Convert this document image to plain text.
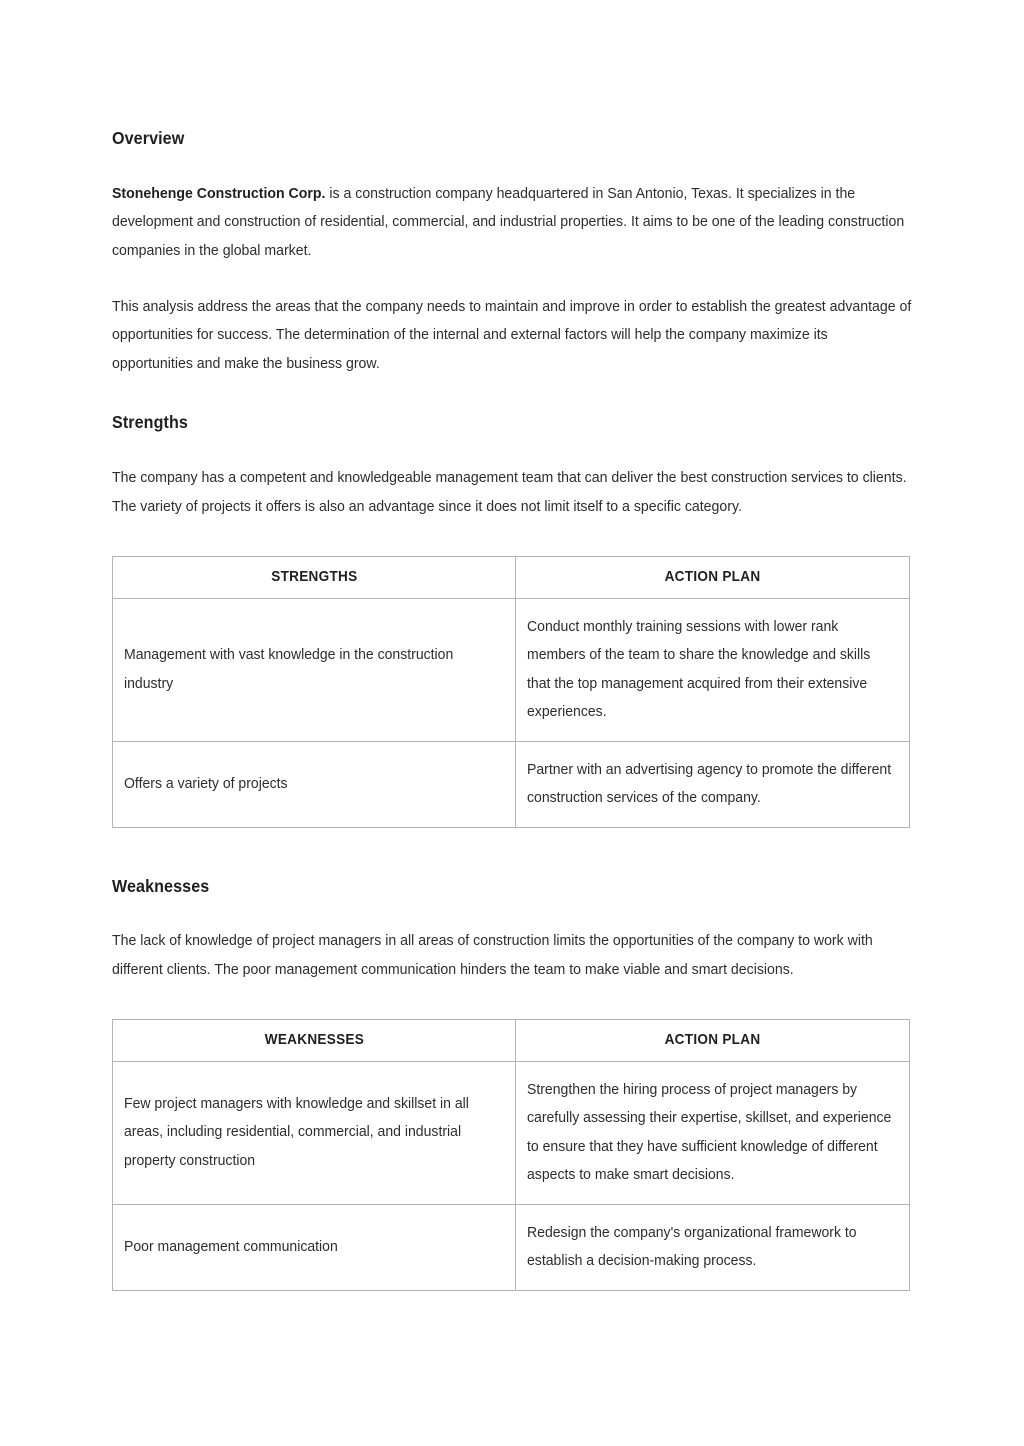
Overview

Stonehenge Construction Corp. is a construction company headquartered in San Antonio, Texas. It specializes in the development and construction of residential, commercial, and industrial properties. It aims to be one of the leading construction companies in the global market.

This analysis address the areas that the company needs to maintain and improve in order to establish the greatest advantage of opportunities for success. The determination of the internal and external factors will help the company maximize its opportunities and make the business grow.

Strengths

The company has a competent and knowledgeable management team that can deliver the best construction services to clients. The variety of projects it offers is also an advantage since it does not limit itself to a specific category.

STRENGTHS	ACTION PLAN
Management with vast knowledge in the construction industry	Conduct monthly training sessions with lower rank members of the team to share the knowledge and skills that the top management acquired from their extensive experiences.
Offers a variety of projects	Partner with an advertising agency to promote the different construction services of the company.
Weaknesses

The lack of knowledge of project managers in all areas of construction limits the opportunities of the company to work with different clients. The poor management communication hinders the team to make viable and smart decisions.

WEAKNESSES	ACTION PLAN
Few project managers with knowledge and skillset in all areas, including residential, commercial, and industrial property construction	Strengthen the hiring process of project managers by carefully assessing their expertise, skillset, and experience to ensure that they have sufficient knowledge of different aspects to make smart decisions.
Poor management communication	Redesign the company's organizational framework to establish a decision-making process.
